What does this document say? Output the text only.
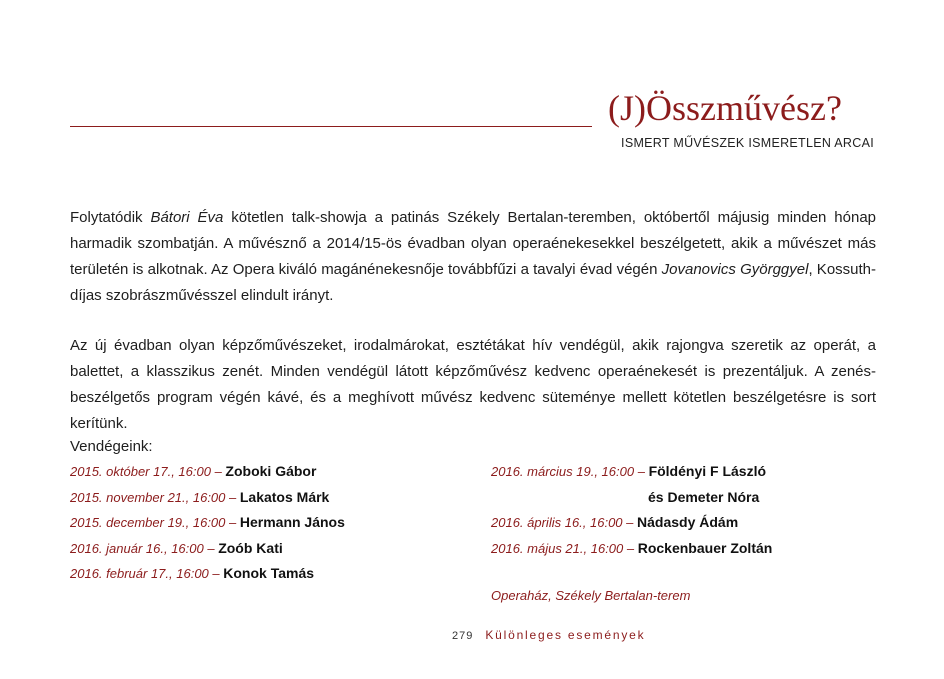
(J)Összművész?
ISMERT MŰVÉSZEK ISMERETLEN ARCAI

Folytatódik Bátori Éva kötetlen talk-showja a patinás Székely Bertalan-teremben, októbertől májusig minden hónap harmadik szombatján. A művésznő a 2014/15-ös évadban olyan operaénekesekkel beszélgetett, akik a művészet más területén is alkotnak. Az Opera kiváló magánénekesnője továbbfűzi a tavalyi évad végén Jovanovics Györggyel, Kossuth-díjas szobrászművésszel elindult irányt.

Az új évadban olyan képzőművészeket, irodalmárokat, esztétákat hív vendégül, akik rajongva szeretik az operát, a balettet, a klasszikus zenét. Minden vendégül látott képzőművész kedvenc operaénekesét is prezentáljuk. A zenés-beszélgetős program végén kávé, és a meghívott művész kedvenc süteménye mellett kötetlen beszélgetésre is sort kerítünk.

Vendégeink:
2015. október 17., 16:00 – Zoboki Gábor
2015. november 21., 16:00 – Lakatos Márk
2015. december 19., 16:00 – Hermann János
2016. január 16., 16:00 – Zoób Kati
2016. február 17., 16:00 – Konok Tamás
2016. március 19., 16:00 – Földényi F László
és Demeter Nóra
2016. április 16., 16:00 – Nádasdy Ádám
2016. május 21., 16:00 – Rockenbauer Zoltán
Operaház, Székely Bertalan-terem
279 Különleges események
